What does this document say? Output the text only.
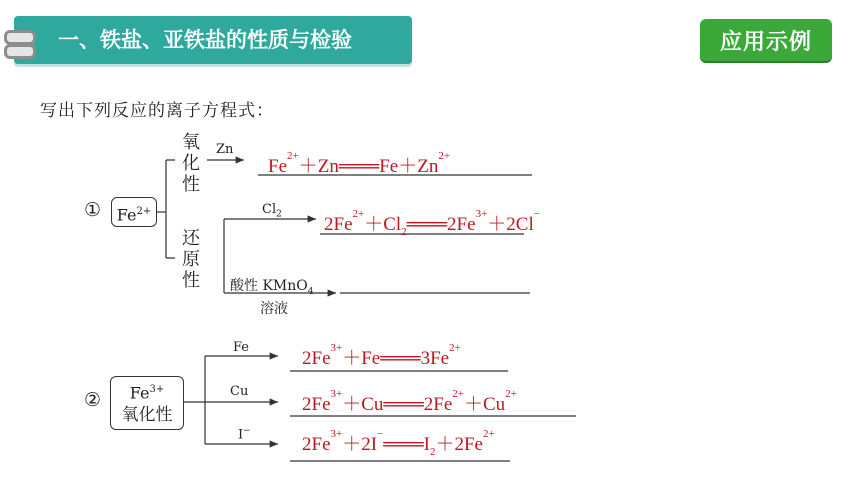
一、铁盐、亚铁盐的性质与检验	应用示例
写出下列反应的离子方程式：
① $Fe^{2+}$
氧
化
性
还
原
性
Zn
$Cl_2$
酸性 KMnO$_4$
溶液
$Fe^{2+}+Zn═══Fe+Zn^{2+}$
$2Fe^{2+}+Cl_2═══2Fe^{3+}+2Cl^-$
②	$Fe^{3+}$
氧化性
Fe
Cu
I−
$2Fe^{3+}+Fe═══3Fe^{2+}$
$2Fe^{3+}+Cu═══2Fe^{2+}+Cu^{2+}$
$2Fe^{3+}+2I^-═══I_2+2Fe^{2+}$
